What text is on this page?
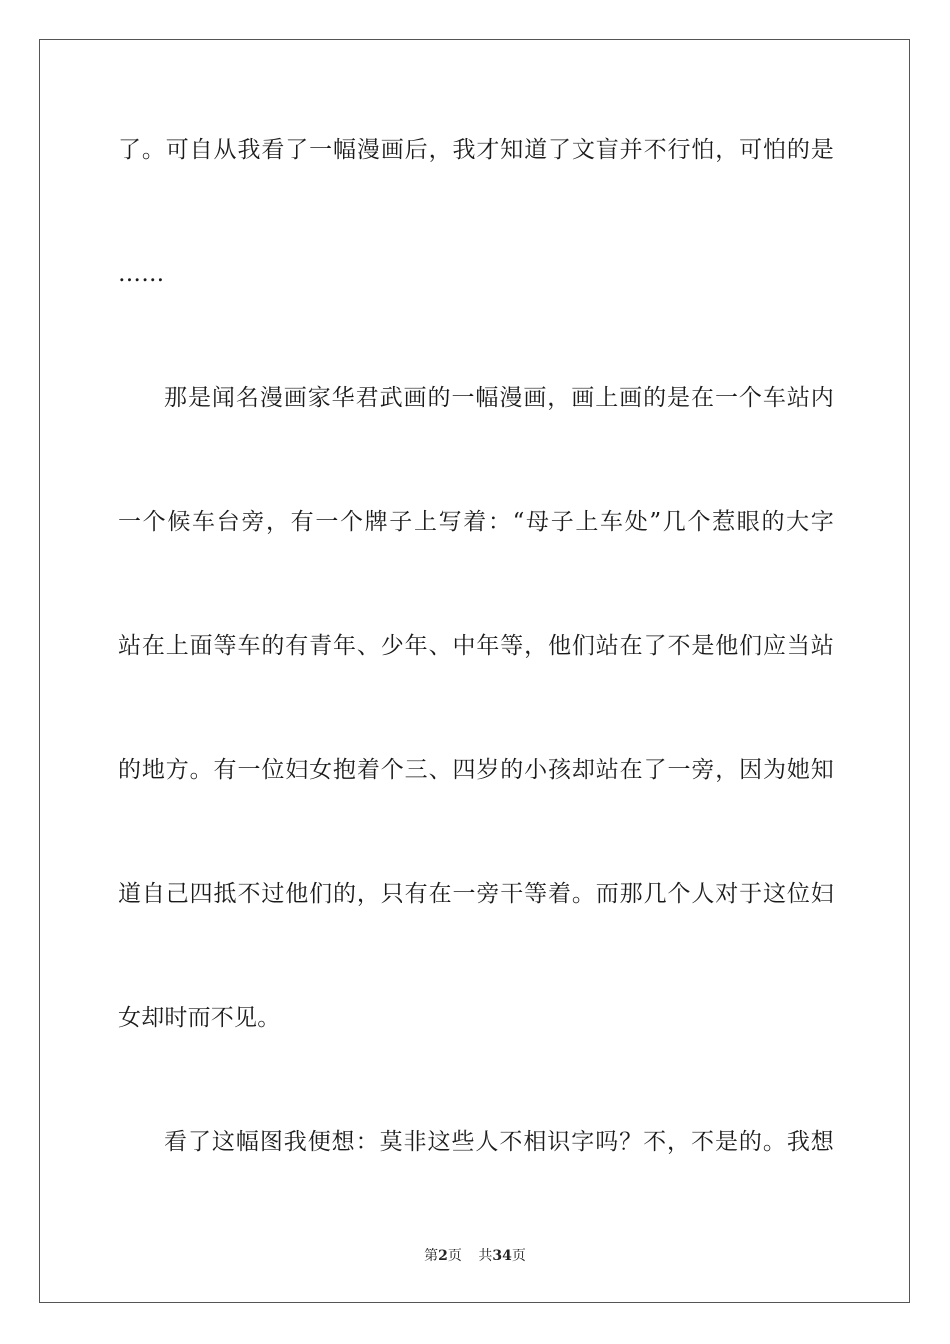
了。可自从我看了一幅漫画后，我才知道了文盲并不行怕，可怕的是
……
那是闻名漫画家华君武画的一幅漫画，画上画的是在一个车站内
一个候车台旁，有一个牌子上写着：“母子上车处”几个惹眼的大字
站在上面等车的有青年、少年、中年等，他们站在了不是他们应当站
的地方。有一位妇女抱着个三、四岁的小孩却站在了一旁，因为她知
道自己四抵不过他们的，只有在一旁干等着。而那几个人对于这位妇
女却时而不见。
看了这幅图我便想：莫非这些人不相识字吗？不，不是的。我想
第2页 共34页
